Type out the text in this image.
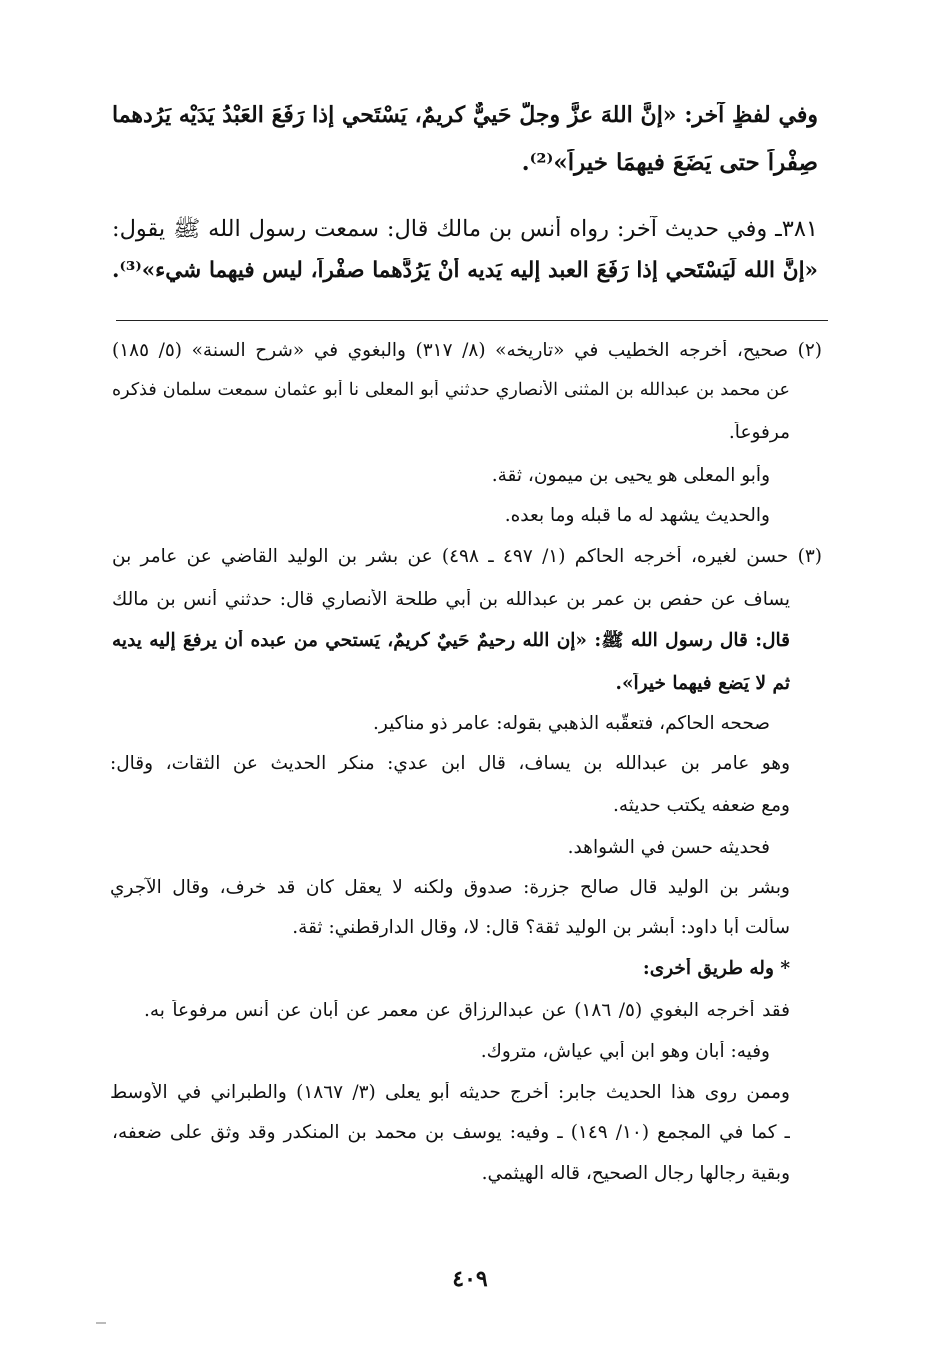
وفي لفظٍ آخر: «إنَّ اللهَ عزَّ وجلَّ حَييٌّ كريمٌ، يَسْتَحي إذا رَفَعَ العَبْدُ يَدَيْه يَرُدهما
صِفْراً حتى يَضَعَ فيهمَا خيراً»⁽²⁾.
٣٨١ـ وفي حديث آخر: رواه أنس بن مالك قال: سمعت رسول الله ﷺ يقول:
«إنَّ الله لَيَسْتَحي إذا رَفَعَ العبد إليه يَديه أنْ يَرُدَّهما صفْراً، ليس فيهما شيء»⁽³⁾.
(٢) صحيح، أخرجه الخطيب في «تاريخه» (٨/ ٣١٧) والبغوي في «شرح السنة» (٥/ ١٨٥)
عن محمد بن عبدالله بن المثنى الأنصاري حدثني أبو المعلى نا أبو عثمان سمعت سلمان فذكره
مرفوعاً.
وأبو المعلى هو يحيى بن ميمون، ثقة.
والحديث يشهد له ما قبله وما بعده.
(٣) حسن لغيره، أخرجه الحاكم (١/ ٤٩٧ ـ ٤٩٨) عن بشر بن الوليد القاضي عن عامر بن
يساف عن حفص بن عمر بن عبدالله بن أبي طلحة الأنصاري قال: حدثني أنس بن مالك
قال: قال رسول الله ﷺ: «إن الله رحيمٌ حَييٌ كريمٌ، يَستحي من عبده أن يرفعَ إليه يديه
ثم لا يَضع فيهما خيراً».
صححه الحاكم، فتعقَّبه الذهبي بقوله: عامر ذو مناكير.
وهو عامر بن عبدالله بن يساف، قال ابن عدي: منكر الحديث عن الثقات، وقال:
ومع ضعفه يكتب حديثه.
فحديثه حسن في الشواهد.
وبشر بن الوليد قال صالح جزرة: صدوق ولكنه لا يعقل كان قد خرف، وقال الآجري
سألت أبا داود: أبشر بن الوليد ثقة؟ قال: لا، وقال الدارقطني: ثقة.
* وله طريق أخرى:
فقد أخرجه البغوي (٥/ ١٨٦) عن عبدالرزاق عن معمر عن أبان عن أنس مرفوعاً به.
وفيه: أبان وهو ابن أبي عياش، متروك.
وممن روى هذا الحديث جابر: أخرج حديثه أبو يعلى (٣/ ١٨٦٧) والطبراني في الأوسط
ـ كما في المجمع (١٠/ ١٤٩) ـ وفيه: يوسف بن محمد بن المنكدر وقد وثق على ضعفه،
وبقية رجالها رجال الصحيح، قاله الهيثمي.
٤٠٩
